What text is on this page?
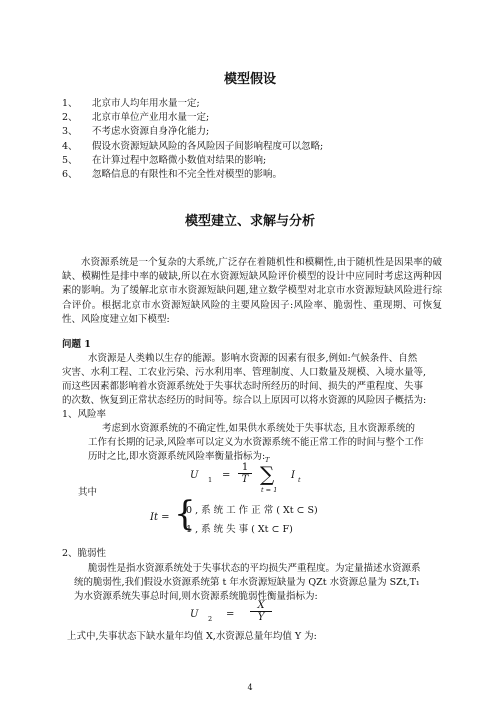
模型假设
1、	北京市人均年用水量一定;
2、	北京市单位产业用水量一定;
3、	不考虑水资源自身净化能力;
4、	假设水资源短缺风险的各风险因子间影响程度可以忽略;
5、	在计算过程中忽略微小数值对结果的影响;
6、	忽略信息的有限性和不完全性对模型的影响。
模型建立、求解与分析
水资源系统是一个复杂的大系统,广泛存在着随机性和模糊性,由于随机性是因果率的破缺、模糊性是排中率的破缺,所以在水资源短缺风险评价模型的设计中应同时考虑这两种因素的影响。为了缓解北京市水资源短缺问题,建立数学模型对北京市水资源短缺风险进行综合评价。根据北京市水资源短缺风险的主要风险因子:风险率、脆弱性、重现期、可恢复性、风险度建立如下模型:
问题 1
水资源是人类赖以生存的能源。影响水资源的因素有很多,例如:气候条件、自然
灾害、水利工程、工农业污染、污水利用率、管理制度、人口数量及规模、入境水量等,
而这些因素都影响着水资源系统处于失事状态时所经历的时间、损失的严重程度、失事
的次数、恢复到正常状态经历的时间等。综合以上原因可以将水资源的风险因子概括为:
1、风险率
考虑到水资源系统的不确定性,如果供水系统处于失事状态, 且水资源系统的
工作有长期的记录,风险率可以定义为水资源系统不能正常工作的时间与整个工作
历时之比,即水资源系统风险率衡量指标为:
U $1 = \frac{1}{T}$
T
∑
t = 1
I t
其中
It = {
0 , 系 统 工 作 正 常 ( Xt ⊂ S)
1 , 系 统 失 事 ( Xt ⊂ F)
2、脆弱性
脆弱性是指水资源系统处于失事状态的平均损失严重程度。为定量描述水资源系
统的脆弱性,我们假设水资源系统第 t 年水资源短缺量为 QZt 水资源总量为 SZt,T₁
为水资源系统失事总时间,则水资源系统脆弱性衡量指标为:
U $2 = \frac{X}{Y}$
上式中,失事状态下缺水量年均值 X,水资源总量年均值 Y 为:
4
